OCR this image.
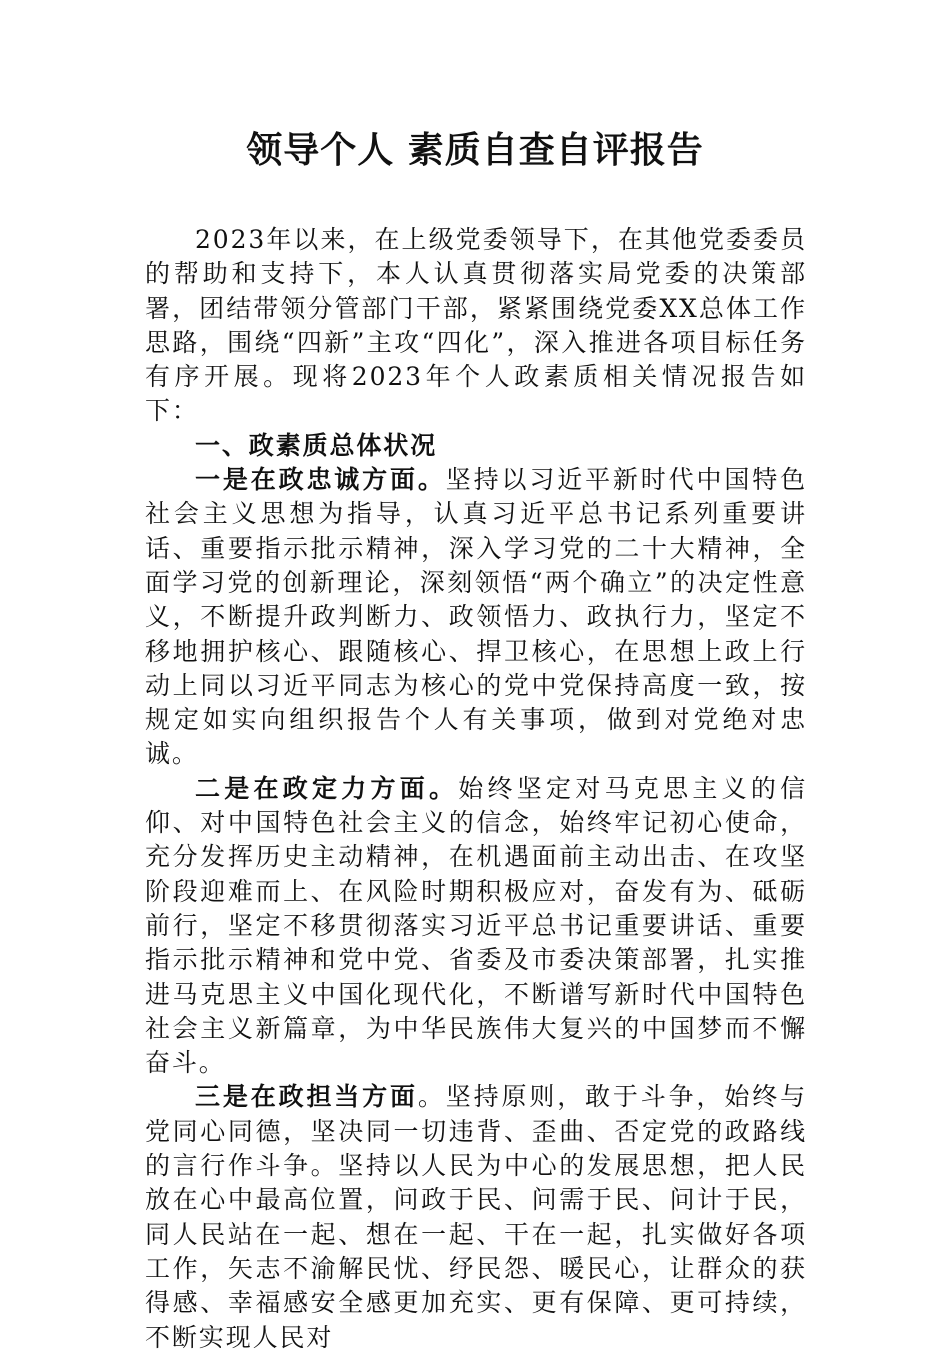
领导个人 素质自查自评报告

2023年以来，在上级党委领导下，在其他党委委员的帮助和支持下，本人认真贯彻落实局党委的决策部署，团结带领分管部门干部，紧紧围绕党委XX总体工作思路，围绕“四新”主攻“四化”，深入推进各项目标任务有序开展。现将2023年个人政素质相关情况报告如下：

一、政素质总体状况

一是在政忠诚方面。坚持以习近平新时代中国特色社会主义思想为指导，认真习近平总书记系列重要讲话、重要指示批示精神，深入学习党的二十大精神，全面学习党的创新理论，深刻领悟“两个确立”的决定性意义，不断提升政判断力、政领悟力、政执行力，坚定不移地拥护核心、跟随核心、捍卫核心，在思想上政上行动上同以习近平同志为核心的党中党保持高度一致，按规定如实向组织报告个人有关事项，做到对党绝对忠诚。

二是在政定力方面。始终坚定对马克思主义的信仰、对中国特色社会主义的信念，始终牢记初心使命，充分发挥历史主动精神，在机遇面前主动出击、在攻坚阶段迎难而上、在风险时期积极应对，奋发有为、砥砺前行，坚定不移贯彻落实习近平总书记重要讲话、重要指示批示精神和党中党、省委及市委决策部署，扎实推进马克思主义中国化现代化，不断谱写新时代中国特色社会主义新篇章，为中华民族伟大复兴的中国梦而不懈奋斗。

三是在政担当方面。坚持原则，敢于斗争，始终与党同心同德，坚决同一切违背、歪曲、否定党的政路线的言行作斗争。坚持以人民为中心的发展思想，把人民放在心中最高位置，问政于民、问需于民、问计于民，同人民站在一起、想在一起、干在一起，扎实做好各项工作，矢志不渝解民忧、纾民怨、暖民心，让群众的获得感、幸福感安全感更加充实、更有保障、更可持续，不断实现人民对
